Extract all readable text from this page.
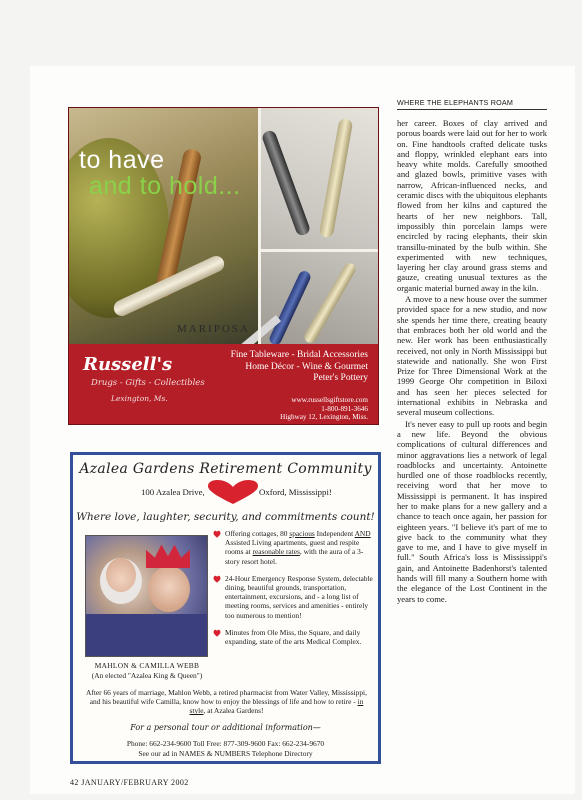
to have
and to hold...
MARIPOSA
Russell's
Drugs - Gifts - Collectibles
Lexington, Ms.
Fine Tableware - Bridal Accessories
Home Décor - Wine & Gourmet
Peter's Pottery
www.russellsgiftstore.com
1-800-891-3646
Highway 12, Lexington, Miss.
Azalea Gardens Retirement Community
100 Azalea Drive,	Oxford, Mississippi!
Where love, laughter, security, and commitments count!
MAHLON & CAMILLA WEBB
(An elected "Azalea King & Queen")
Offering cottages, 80 spacious Independent AND Assisted Living apartments, guest and respite rooms at reasonable rates, with the aura of a 3-story resort hotel.
24-Hour Emergency Response System, delectable dining, beautiful grounds, transportation, entertainment, excursions, and - a long list of meeting rooms, services and amenities - entirely too numerous to mention!
Minutes from Ole Miss, the Square, and daily expanding, state of the arts Medical Complex.
After 66 years of marriage, Mahlon Webb, a retired pharmacist from Water Valley, Mississippi, and his beautiful wife Camilla, know how to enjoy the blessings of life and how to retire - in style, at Azalea Gardens!
For a personal tour or additional information—
Phone: 662-234-9600 Toll Free: 877-309-9600 Fax: 662-234-9670
See our ad in NAMES & NUMBERS Telephone Directory
WHERE THE ELEPHANTS ROAM

her career. Boxes of clay arrived and porous boards were laid out for her to work on. Fine handtools crafted delicate tusks and floppy, wrinkled elephant ears into heavy white molds. Carefully smoothed and glazed bowls, primitive vases with narrow, African-influenced necks, and ceramic discs with the ubiquitous elephants flowed from her kilns and captured the hearts of her new neighbors. Tall, impossibly thin porcelain lamps were encircled by racing elephants, their skin transillu-minated by the bulb within. She experimented with new techniques, layering her clay around grass stems and gauze, creating unusual textures as the organic material burned away in the kiln.

A move to a new house over the summer provided space for a new studio, and now she spends her time there, creating beauty that embraces both her old world and the new. Her work has been enthusiastically received, not only in North Mississippi but statewide and nationally. She won First Prize for Three Dimensional Work at the 1999 George Ohr competition in Biloxi and has seen her pieces selected for international exhibits in Nebraska and several museum collections.

It's never easy to pull up roots and begin a new life. Beyond the obvious complications of cultural differences and minor aggravations lies a network of legal roadblocks and uncertainty. Antoinette hurdled one of those roadblocks recently, receiving word that her move to Mississippi is permanent. It has inspired her to make plans for a new gallery and a chance to teach once again, her passion for eighteen years. "I believe it's part of me to give back to the community what they gave to me, and I have to give myself in full." South Africa's loss is Mississippi's gain, and Antoinette Badenhorst's talented hands will fill many a Southern home with the elegance of the Lost Continent in the years to come.

42 JANUARY/FEBRUARY 2002
